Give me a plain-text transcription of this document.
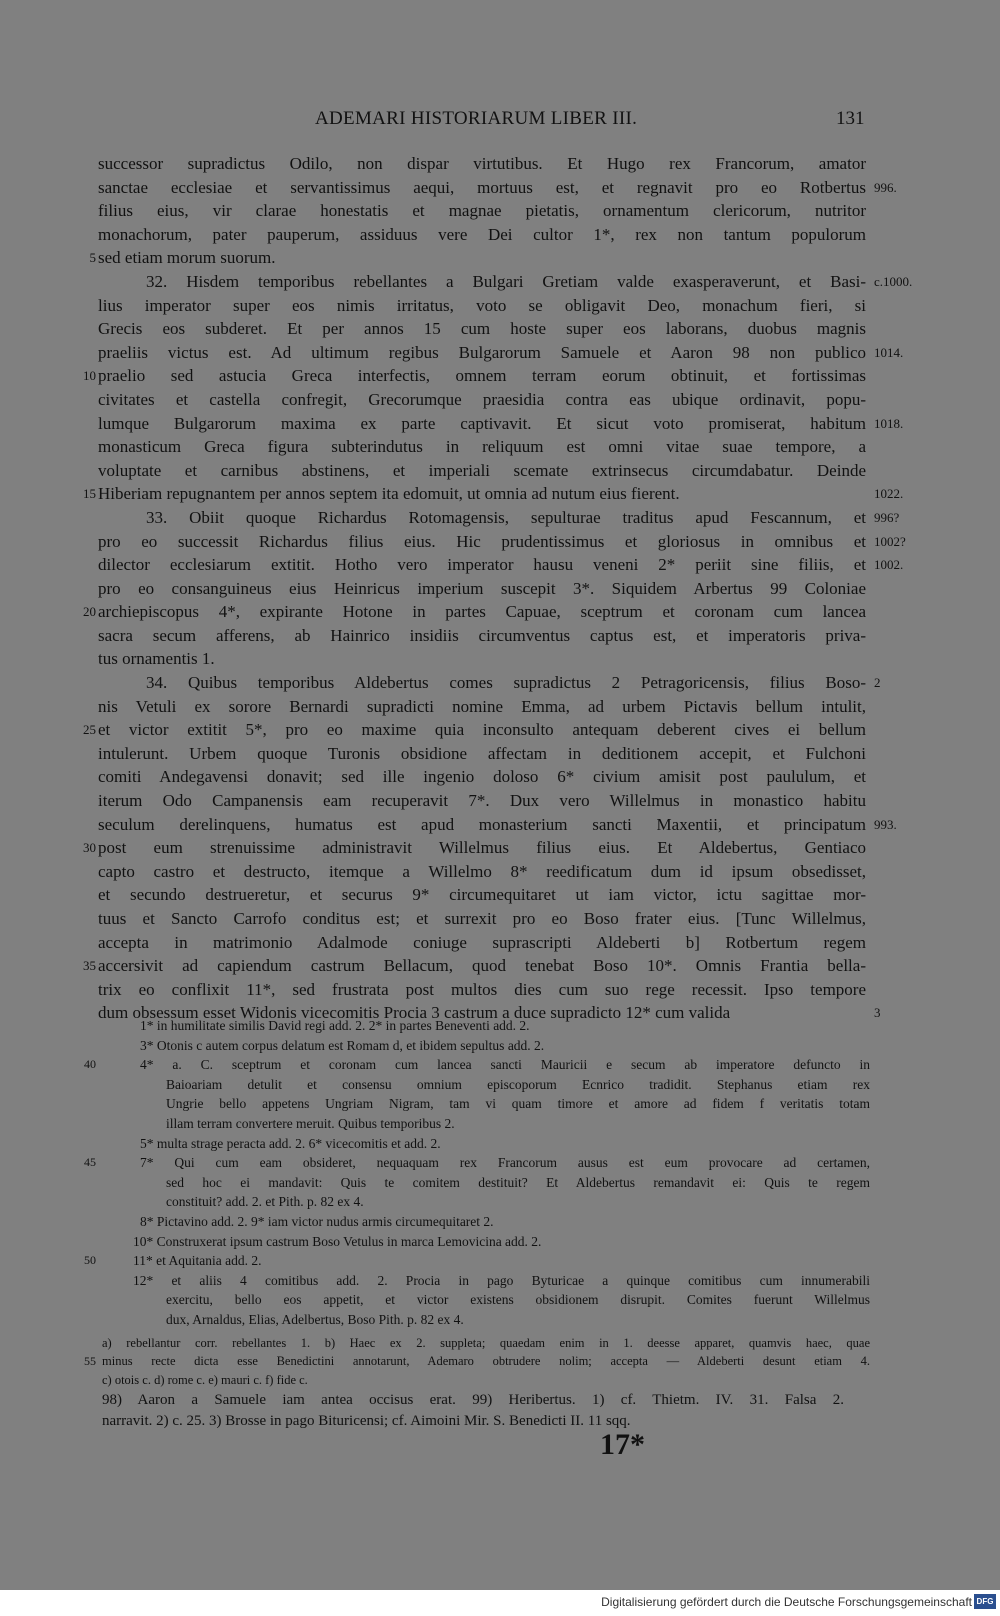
ADEMARI HISTORIARUM LIBER III.	131
successor supradictus Odilo, non dispar virtutibus. Et Hugo rex Francorum, amator
sanctae ecclesiae et servantissimus aequi, mortuus est, et regnavit pro eo Rotbertus 996.
filius eius, vir clarae honestatis et magnae pietatis, ornamentum clericorum, nutritor
monachorum, pater pauperum, assiduus vere Dei cultor 1*, rex non tantum populorum
5 sed etiam morum suorum.
32. Hisdem temporibus rebellantes a Bulgari Gretiam valde exasperaverunt, et Basi- c.1000.
lius imperator super eos nimis irritatus, voto se obligavit Deo, monachum fieri, si
Grecis eos subderet. Et per annos 15 cum hoste super eos laborans, duobus magnis
praeliis victus est. Ad ultimum regibus Bulgarorum Samuele et Aaron 98 non publico 1014.
10 praelio sed astucia Greca interfectis, omnem terram eorum obtinuit, et fortissimas
civitates et castella confregit, Grecorumque praesidia contra eas ubique ordinavit, popu-
lumque Bulgarorum maxima ex parte captivavit. Et sicut voto promiserat, habitum 1018.
monasticum Greca figura subterindutus in reliquum est omni vitae suae tempore, a
voluptate et carnibus abstinens, et imperiali scemate extrinsecus circumdabatur. Deinde
15 Hiberiam repugnantem per annos septem ita edomuit, ut omnia ad nutum eius fierent.	1022.
33. Obiit quoque Richardus Rotomagensis, sepulturae traditus apud Fescannum, et 996?
pro eo successit Richardus filius eius. Hic prudentissimus et gloriosus in omnibus et 1002?
dilector ecclesiarum extitit. Hotho vero imperator hausu veneni 2* periit sine filiis, et 1002.
pro eo consanguineus eius Heinricus imperium suscepit 3*. Siquidem Arbertus 99 Coloniae
20 archiepiscopus 4*, expirante Hotone in partes Capuae, sceptrum et coronam cum lancea
sacra secum afferens, ab Hainrico insidiis circumventus captus est, et imperatoris priva-
tus ornamentis 1.
34. Quibus temporibus Aldebertus comes supradictus 2 Petragoricensis, filius Boso- 2
nis Vetuli ex sorore Bernardi supradicti nomine Emma, ad urbem Pictavis bellum intulit,
25 et victor extitit 5*, pro eo maxime quia inconsulto antequam deberent cives ei bellum
intulerunt. Urbem quoque Turonis obsidione affectam in deditionem accepit, et Fulchoni
comiti Andegavensi donavit; sed ille ingenio doloso 6* civium amisit post paululum, et
iterum Odo Campanensis eam recuperavit 7*. Dux vero Willelmus in monastico habitu
seculum derelinquens, humatus est apud monasterium sancti Maxentii, et principatum 993.
30 post eum strenuissime administravit Willelmus filius eius. Et Aldebertus, Gentiaco
capto castro et destructo, itemque a Willelmo 8* reedificatum dum id ipsum obsedisset,
et secundo destrueretur, et securus 9* circumequitaret ut iam victor, ictu sagittae mor-
tuus et Sancto Carrofo conditus est; et surrexit pro eo Boso frater eius. [Tunc Willelmus,
accepta in matrimonio Adalmode coniuge suprascripti Aldeberti b] Rotbertum regem
35 accersivit ad capiendum castrum Bellacum, quod tenebat Boso 10*. Omnis Frantia bella-
trix eo conflixit 11*, sed frustrata post multos dies cum suo rege recessit. Ipso tempore
dum obsessum esset Widonis vicecomitis Procia 3 castrum a duce supradicto 12* cum valida	3
1* in humilitate similis David regi add. 2. 2* in partes Beneventi add. 2.
3* Otonis c autem corpus delatum est Romam d, et ibidem sepultus add. 2.
40	4* a. C. sceptrum et coronam cum lancea sancti Mauricii e secum ab imperatore defuncto in
Baioariam detulit et consensu omnium episcoporum Ecnrico tradidit. Stephanus etiam rex
Ungrie bello appetens Ungriam Nigram, tam vi quam timore et amore ad fidem f veritatis totam
illam terram convertere meruit. Quibus temporibus 2.
5* multa strage peracta add. 2. 6* vicecomitis et add. 2.
45	7* Qui cum eam obsideret, nequaquam rex Francorum ausus est eum provocare ad certamen,
sed hoc ei mandavit: Quis te comitem destituit? Et Aldebertus remandavit ei: Quis te regem
constituit? add. 2. et Pith. p. 82 ex 4.
8* Pictavino add. 2. 9* iam victor nudus armis circumequitaret 2.
10* Construxerat ipsum castrum Boso Vetulus in marca Lemovicina add. 2.
50	11* et Aquitania add. 2.
12* et aliis 4 comitibus add. 2. Procia in pago Byturicae a quinque comitibus cum innumerabili
exercitu, bello eos appetit, et victor existens obsidionem disrupit. Comites fuerunt Willelmus
dux, Arnaldus, Elias, Adelbertus, Boso Pith. p. 82 ex 4.
a) rebellantur corr. rebellantes 1. b) Haec ex 2. suppleta; quaedam enim in 1. deesse apparet, quamvis haec, quae
55 minus recte dicta esse Benedictini annotarunt, Ademaro obtrudere nolim; accepta — Aldeberti desunt etiam 4.
c) otois c. d) rome c. e) mauri c. f) fide c.
98) Aaron a Samuele iam antea occisus erat. 99) Heribertus. 1) cf. Thietm. IV. 31. Falsa 2.
narravit. 2) c. 25. 3) Brosse in pago Bituricensi; cf. Aimoini Mir. S. Benedicti II. 11 sqq.
17*
Digitalisierung gefördert durch die Deutsche Forschungsgemeinschaft DFG
